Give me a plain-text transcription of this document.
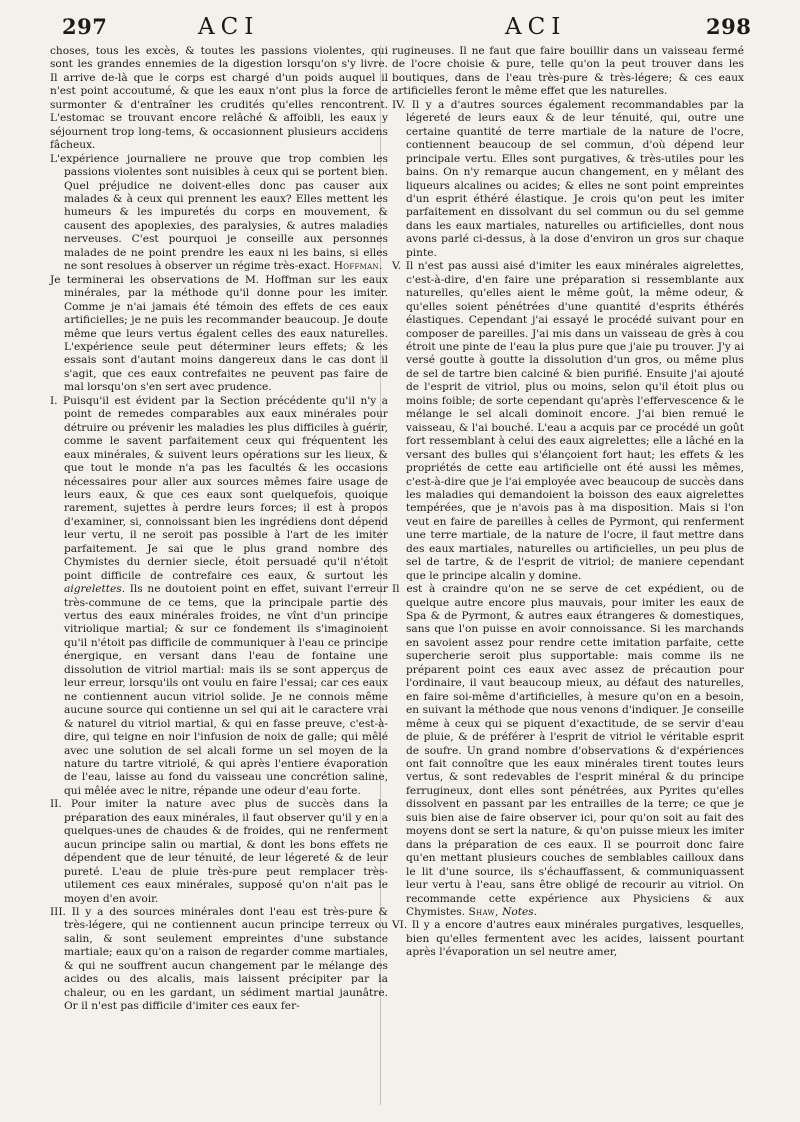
297	ACI	ACI	298

choses, tous les excès, & toutes les passions violentes, qui sont les grandes ennemies de la digestion lorsqu'on s'y livre. Il arrive de-là que le corps est chargé d'un poids auquel il n'est point accoutumé, & que les eaux n'ont plus la force de surmonter & d'entraîner les crudités qu'elles rencontrent. L'estomac se trouvant encore relâché & affoibli, les eaux y séjournent trop long-tems, & occasionnent plusieurs accidens fâcheux.

L'expérience journaliere ne prouve que trop combien les passions violentes sont nuisibles à ceux qui se portent bien. Quel préjudice ne doivent-elles donc pas causer aux malades & à ceux qui prennent les eaux? Elles mettent les humeurs & les impuretés du corps en mouvement, & causent des apoplexies, des paralysies, & autres maladies nerveuses. C'est pourquoi je conseille aux personnes malades de ne point prendre les eaux ni les bains, si elles ne sont resolues à observer un régime très-exact. Hoffman.

Je terminerai les observations de M. Hoffman sur les eaux minérales, par la méthode qu'il donne pour les imiter. Comme je n'ai jamais été témoin des effets de ces eaux artificielles; je ne puis les recommander beaucoup. Je doute même que leurs vertus égalent celles des eaux naturelles. L'expérience seule peut déterminer leurs effets; & les essais sont d'autant moins dangereux dans le cas dont il s'agit, que ces eaux contrefaites ne peuvent pas faire de mal lorsqu'on s'en sert avec prudence.

I. Puisqu'il est évident par la Section précédente qu'il n'y a point de remedes comparables aux eaux minérales pour détruire ou prévenir les maladies les plus difficiles à guérir, comme le savent parfaitement ceux qui fréquentent les eaux minérales, & suivent leurs opérations sur les lieux, & que tout le monde n'a pas les facultés & les occasions nécessaires pour aller aux sources mêmes faire usage de leurs eaux, & que ces eaux sont quelquefois, quoique rarement, sujettes à perdre leurs forces; il est à propos d'examiner, si, connoissant bien les ingrédiens dont dépend leur vertu, il ne seroit pas possible à l'art de les imiter parfaitement. Je sai que le plus grand nombre des Chymistes du dernier siecle, étoit persuadé qu'il n'étoit point difficile de contrefaire ces eaux, & surtout les aigrelettes. Ils ne doutoient point en effet, suivant l'erreur très-commune de ce tems, que la principale partie des vertus des eaux minérales froides, ne vînt d'un principe vitriolique martial; & sur ce fondement ils s'imaginoient qu'il n'étoit pas difficile de communiquer à l'eau ce principe énergique, en versant dans l'eau de fontaine une dissolution de vitriol martial: mais ils se sont apperçus de leur erreur, lorsqu'ils ont voulu en faire l'essai; car ces eaux ne contiennent aucun vitriol solide. Je ne connois même aucune source qui contienne un sel qui ait le caractere vrai & naturel du vitriol martial, & qui en fasse preuve, c'est-à-dire, qui teigne en noir l'infusion de noix de galle; qui mêlé avec une solution de sel alcali forme un sel moyen de la nature du tartre vitriolé, & qui après l'entiere évaporation de l'eau, laisse au fond du vaisseau une concrétion saline, qui mêlée avec le nitre, répande une odeur d'eau forte.

II. Pour imiter la nature avec plus de succès dans la préparation des eaux minérales, il faut observer qu'il y en a quelques-unes de chaudes & de froides, qui ne renferment aucun principe salin ou martial, & dont les bons effets ne dépendent que de leur ténuité, de leur légereté & de leur pureté. L'eau de pluie très-pure peut remplacer très-utilement ces eaux minérales, supposé qu'on n'ait pas le moyen d'en avoir.

III. Il y a des sources minérales dont l'eau est très-pure & très-légere, qui ne contiennent aucun principe terreux ou salin, & sont seulement empreintes d'une substance martiale; eaux qu'on a raison de regarder comme martiales, & qui ne souffrent aucun changement par le mélange des acides ou des alcalis, mais laissent précipiter par la chaleur, ou en les gardant, un sédiment martial jaunâtre. Or il n'est pas difficile d'imiter ces eaux fer-

rugineuses. Il ne faut que faire bouillir dans un vaisseau fermé de l'ocre choisie & pure, telle qu'on la peut trouver dans les boutiques, dans de l'eau très-pure & très-légere; & ces eaux artificielles feront le même effet que les naturelles.

IV. Il y a d'autres sources également recommandables par la légereté de leurs eaux & de leur ténuité, qui, outre une certaine quantité de terre martiale de la nature de l'ocre, contiennent beaucoup de sel commun, d'où dépend leur principale vertu. Elles sont purgatives, & très-utiles pour les bains. On n'y remarque aucun changement, en y mêlant des liqueurs alcalines ou acides; & elles ne sont point empreintes d'un esprit éthéré élastique. Je crois qu'on peut les imiter parfaitement en dissolvant du sel commun ou du sel gemme dans les eaux martiales, naturelles ou artificielles, dont nous avons parlé ci-dessus, à la dose d'environ un gros sur chaque pinte.

V. Il n'est pas aussi aisé d'imiter les eaux minérales aigrelettes, c'est-à-dire, d'en faire une préparation si ressemblante aux naturelles, qu'elles aient le même goût, la même odeur, & qu'elles soient pénétrées d'une quantité d'esprits éthérés élastiques. Cependant j'ai essayé le procédé suivant pour en composer de pareilles. J'ai mis dans un vaisseau de grès à cou étroit une pinte de l'eau la plus pure que j'aie pu trouver. J'y ai versé goutte à goutte la dissolution d'un gros, ou même plus de sel de tartre bien calciné & bien purifié. Ensuite j'ai ajouté de l'esprit de vitriol, plus ou moins, selon qu'il étoit plus ou moins foible; de sorte cependant qu'après l'effervescence & le mélange le sel alcali dominoit encore. J'ai bien remué le vaisseau, & l'ai bouché. L'eau a acquis par ce procédé un goût fort ressemblant à celui des eaux aigrelettes; elle a lâché en la versant des bulles qui s'élançoient fort haut; les effets & les propriétés de cette eau artificielle ont été aussi les mêmes, c'est-à-dire que je l'ai employée avec beaucoup de succès dans les maladies qui demandoient la boisson des eaux aigrelettes tempérées, que je n'avois pas à ma disposition. Mais si l'on veut en faire de pareilles à celles de Pyrmont, qui renferment une terre martiale, de la nature de l'ocre, il faut mettre dans des eaux martiales, naturelles ou artificielles, un peu plus de sel de tartre, & de l'esprit de vitriol; de maniere cependant que le principe alcalin y domine.

Il est à craindre qu'on ne se serve de cet expédient, ou de quelque autre encore plus mauvais, pour imiter les eaux de Spa & de Pyrmont, & autres eaux étrangeres & domestiques, sans que l'on puisse en avoir connoissance. Si les marchands en savoient assez pour rendre cette imitation parfaite, cette supercherie seroit plus supportable: mais comme ils ne préparent point ces eaux avec assez de précaution pour l'ordinaire, il vaut beaucoup mieux, au défaut des naturelles, en faire soi-même d'artificielles, à mesure qu'on en a besoin, en suivant la méthode que nous venons d'indiquer. Je conseille même à ceux qui se piquent d'exactitude, de se servir d'eau de pluie, & de préférer à l'esprit de vitriol le véritable esprit de soufre. Un grand nombre d'observations & d'expériences ont fait connoître que les eaux minérales tirent toutes leurs vertus, & sont redevables de l'esprit minéral & du principe ferrugineux, dont elles sont pénétrées, aux Pyrites qu'elles dissolvent en passant par les entrailles de la terre; ce que je suis bien aise de faire observer ici, pour qu'on soit au fait des moyens dont se sert la nature, & qu'on puisse mieux les imiter dans la préparation de ces eaux. Il se pourroit donc faire qu'en mettant plusieurs couches de semblables cailloux dans le lit d'une source, ils s'échauffassent, & communiquassent leur vertu à l'eau, sans être obligé de recourir au vitriol. On recommande cette expérience aux Physiciens & aux Chymistes. Shaw, Notes.

VI. Il y a encore d'autres eaux minérales purgatives, lesquelles, bien qu'elles fermentent avec les acides, laissent pourtant après l'évaporation un sel neutre amer,
